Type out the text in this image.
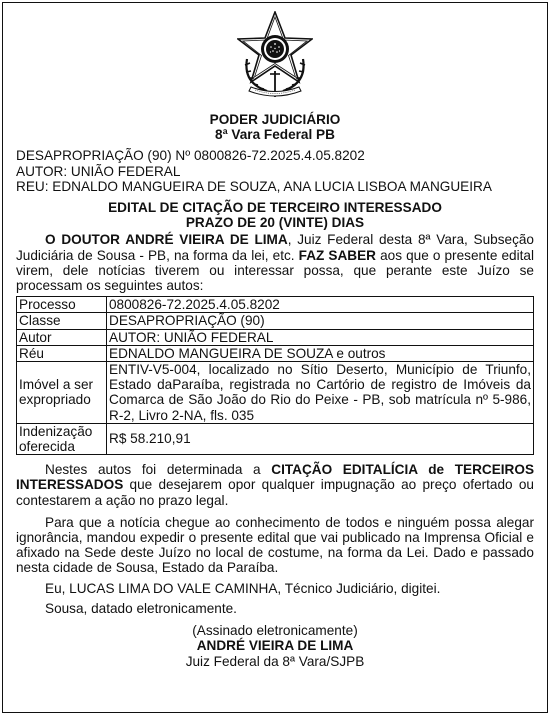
PODER JUDICIÁRIO
8ª Vara Federal PB
DESAPROPRIAÇÃO (90) Nº 0800826-72.2025.4.05.8202
AUTOR: UNIÃO FEDERAL
REU: EDNALDO MANGUEIRA DE SOUZA, ANA LUCIA LISBOA MANGUEIRA
EDITAL DE CITAÇÃO DE TERCEIRO INTERESSADO
PRAZO DE 20 (VINTE) DIAS
O DOUTOR ANDRÉ VIEIRA DE LIMA, Juiz Federal desta 8ª Vara, Subseção Judiciária de Sousa - PB, na forma da lei, etc. FAZ SABER aos que o presente edital virem, dele notícias tiverem ou interessar possa, que perante este Juízo se processam os seguintes autos:
Processo	0800826-72.2025.4.05.8202
Classe	DESAPROPRIAÇÃO (90)
Autor	AUTOR: UNIÃO FEDERAL
Réu	EDNALDO MANGUEIRA DE SOUZA e outros
Imóvel a ser expropriado	ENTIV-V5-004, localizado no Sítio Deserto, Município de Triunfo, Estado daParaíba, registrada no Cartório de registro de Imóveis da Comarca de São João do Rio do Peixe - PB, sob matrícula nº 5-986, R-2, Livro 2-NA, fls. 035
Indenização oferecida	R$ 58.210,91
Nestes autos foi determinada a CITAÇÃO EDITALÍCIA de TERCEIROS INTERESSADOS que desejarem opor qualquer impugnação ao preço ofertado ou contestarem a ação no prazo legal.
Para que a notícia chegue ao conhecimento de todos e ninguém possa alegar ignorância, mandou expedir o presente edital que vai publicado na Imprensa Oficial e afixado na Sede deste Juízo no local de costume, na forma da Lei. Dado e passado nesta cidade de Sousa, Estado da Paraíba.
Eu, LUCAS LIMA DO VALE CAMINHA, Técnico Judiciário, digitei.
Sousa, datado eletronicamente.
(Assinado eletronicamente)
ANDRÉ VIEIRA DE LIMA
Juiz Federal da 8ª Vara/SJPB
